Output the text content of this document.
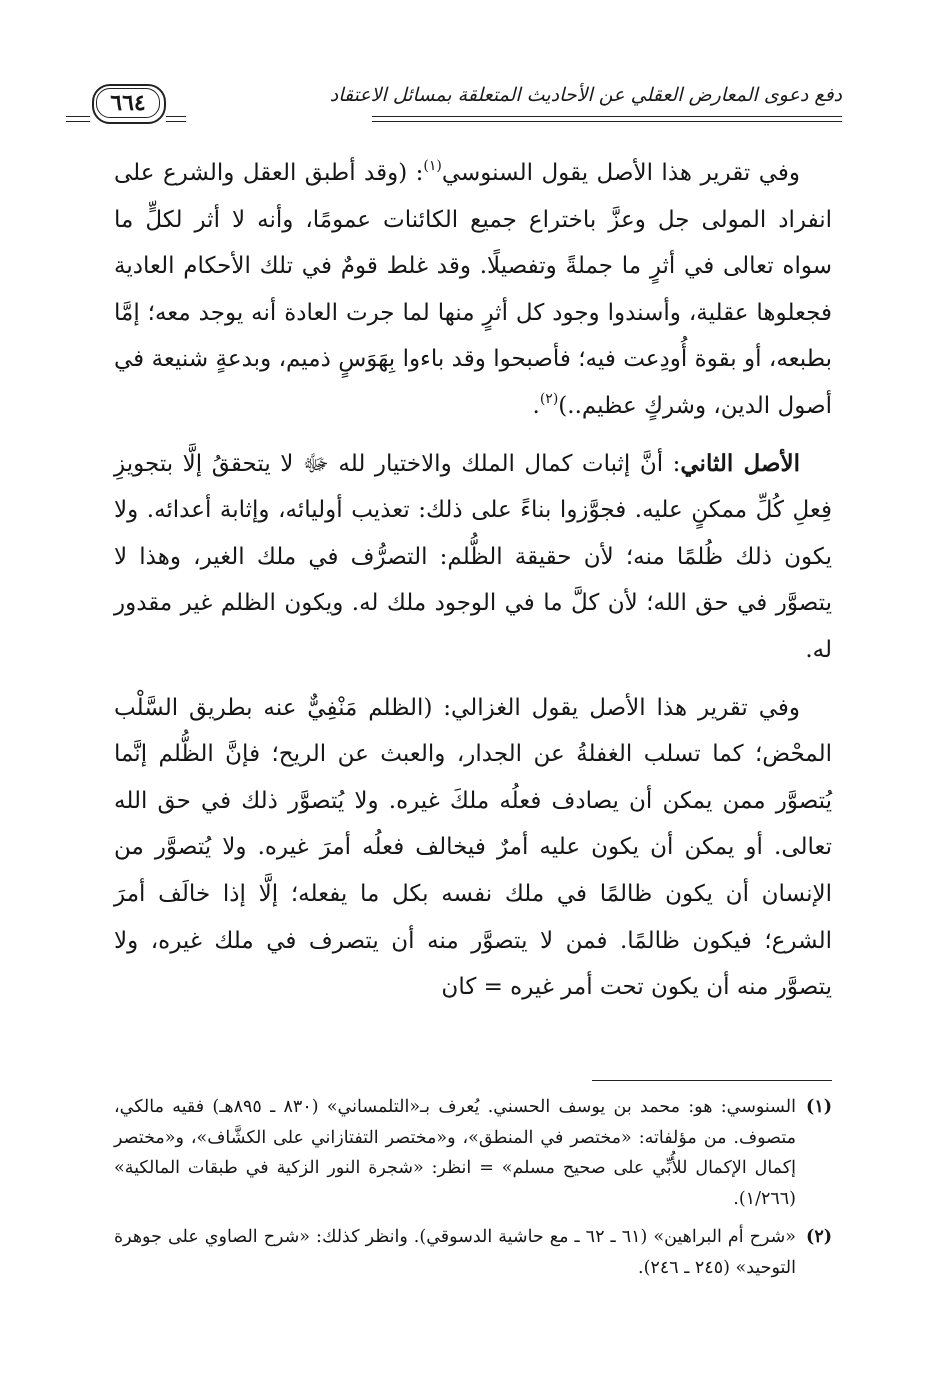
٦٦٤	دفع دعوى المعارض العقلي عن الأحاديث المتعلقة بمسائل الاعتقاد

وفي تقرير هذا الأصل يقول السنوسي$^{(١)}$: (وقد أطبق العقل والشرع على انفراد المولى جل وعزَّ باختراع جميع الكائنات عمومًا، وأنه لا أثر لكلٍّ ما سواه تعالى في أثرٍ ما جملةً وتفصيلًا. وقد غلط قومٌ في تلك الأحكام العادية فجعلوها عقلية، وأسندوا وجود كل أثرٍ منها لما جرت العادة أنه يوجد معه؛ إمَّا بطبعه، أو بقوة أُودِعت فيه؛ فأصبحوا وقد باءوا بِهَوَسٍ ذميم، وبدعةٍ شنيعة في أصول الدين، وشركٍ عظيم..)$^{(٢)}$.

الأصل الثاني: أنَّ إثبات كمال الملك والاختيار لله ﷻ لا يتحققُ إلَّا بتجويزِ فِعلِ كُلِّ ممكنٍ عليه. فجوَّزوا بناءً على ذلك: تعذيب أوليائه، وإثابة أعدائه. ولا يكون ذلك ظُلمًا منه؛ لأن حقيقة الظُّلم: التصرُّف في ملك الغير، وهذا لا يتصوَّر في حق الله؛ لأن كلَّ ما في الوجود ملك له. ويكون الظلم غير مقدور له.

وفي تقرير هذا الأصل يقول الغزالي: (الظلم مَنْفِيٌّ عنه بطريق السَّلْب المحْض؛ كما تسلب الغفلةُ عن الجدار، والعبث عن الريح؛ فإنَّ الظُّلم إنَّما يُتصوَّر ممن يمكن أن يصادف فعلُه ملكَ غيره. ولا يُتصوَّر ذلك في حق الله تعالى. أو يمكن أن يكون عليه أمرٌ فيخالف فعلُه أمرَ غيره. ولا يُتصوَّر من الإنسان أن يكون ظالمًا في ملك نفسه بكل ما يفعله؛ إلَّا إذا خالَف أمرَ الشرع؛ فيكون ظالمًا. فمن لا يتصوَّر منه أن يتصرف في ملك غيره، ولا يتصوَّر منه أن يكون تحت أمر غيره = كان

(١)
السنوسي: هو: محمد بن يوسف الحسني. يُعرف بـ«التلمساني» (٨٣٠ ـ ٨٩٥هـ) فقيه مالكي، متصوف. من مؤلفاته: «مختصر في المنطق»، و«مختصر التفتازاني على الكشَّاف»، و«مختصر إكمال الإكمال للأُبِّي على صحيح مسلم» = انظر: «شجرة النور الزكية في طبقات المالكية» (١/٢٦٦).
(٢)
«شرح أم البراهين» (٦١ ـ ٦٢ ـ مع حاشية الدسوقي). وانظر كذلك: «شرح الصاوي على جوهرة التوحيد» (٢٤٥ ـ ٢٤٦).
